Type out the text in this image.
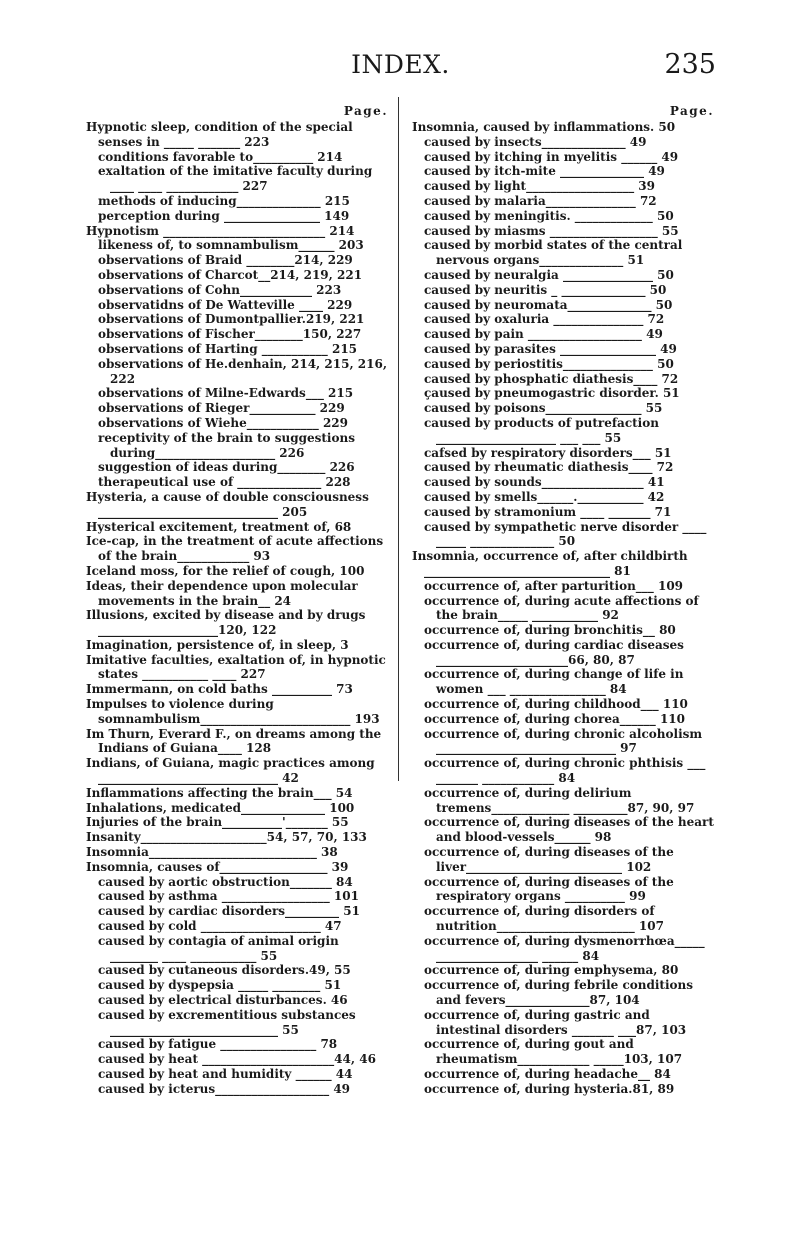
INDEX.	235
Page.
Hypnotic sleep, condition of the special senses in _____ _______ 223
conditions favorable to__________ 214
exaltation of the imitative faculty during ____ ____ ____________ 227
methods of inducing______________ 215
perception during ________________ 149
Hypnotism ___________________________ 214
likeness of, to somnambulism______ 203
observations of Braid ________214, 229
observations of Charcot__214, 219, 221
observations of Cohn____________ 223
observatidns of De Watteville ____ 229
observations of Dumontpallier.219, 221
observations of Fischer________150, 227
observations of Harting ___________ 215
observations of He.denhain, 214, 215, 216, 222
observations of Milne-Edwards___ 215
observations of Rieger___________ 229
observations of Wiehe____________ 229
receptivity of the brain to suggestions during____________________ 226
suggestion of ideas during________ 226
therapeutical use of ______________ 228
Hysteria, a cause of double consciousness ______________________________ 205
Hysterical excitement, treatment of, 68
Ice-cap, in the treatment of acute affections of the brain____________ 93
Iceland moss, for the relief of cough, 100
Ideas, their dependence upon molecular movements in the brain__ 24
Illusions, excited by disease and by drugs ____________________120, 122
Imagination, persistence of, in sleep, 3
Imitative faculties, exaltation of, in hypnotic states ___________ ____ 227
Immermann, on cold baths __________ 73
Impulses to violence during somnambulism_________________________ 193
Im Thurn, Everard F., on dreams among the Indians of Guiana____ 128
Indians, of Guiana, magic practices among ______________________________ 42
Inflammations affecting the brain___ 54
Inhalations, medicated______________ 100
Injuries of the brain__________'_______ 55
Insanity_____________________54, 57, 70, 133
Insomnia____________________________ 38
Insomnia, causes of__________________ 39
caused by aortic obstruction_______ 84
caused by asthma __________________ 101
caused by cardiac disorders_________ 51
caused by cold ____________________ 47
caused by contagia of animal origin ________ ____ ___________ 55
caused by cutaneous disorders.49, 55
caused by dyspepsia _____ ________ 51
caused by electrical disturbances. 46
caused by excrementitious substances ____________________________ 55
caused by fatigue ________________ 78
caused by heat ______________________44, 46
caused by heat and humidity ______ 44
caused by icterus___________________ 49
Page.
Insomnia, caused by inflammations. 50
caused by insects______________ 49
caused by itching in myelitis ______ 49
caused by itch-mite ______________ 49
caused by light__________________ 39
caused by malaria_______________ 72
caused by meningitis. _____________ 50
caused by miasms __________________ 55
caused by morbid states of the central nervous organs______________ 51
caused by neuralgia _______________ 50
caused by neuritis _ ______________ 50
caused by neuromata______________ 50
caused by oxaluria _______________ 72
caused by pain ___________________ 49
caused by parasites ________________ 49
caused by periostitis_______________ 50
caused by phosphatic diathesis____ 72
çaused by pneumogastric disorder. 51
caused by poisons________________ 55
caused by products of putrefaction ____________________ ___ ___ 55
cafsed by respiratory disorders___ 51
caused by rheumatic diathesis____ 72
caused by sounds_________________ 41
caused by smells______.___________ 42
caused by stramonium ____ _______ 71
caused by sympathetic nerve disorder ____ _____ ______________ 50
Insomnia, occurrence of, after childbirth _______________________________ 81
occurrence of, after parturition___ 109
occurrence of, during acute affections of the brain_____ ___________ 92
occurrence of, during bronchitis__ 80
occurrence of, during cardiac diseases ______________________66, 80, 87
occurrence of, during change of life in women ___ ________________ 84
occurrence of, during childhood___ 110
occurrence of, during chorea______ 110
occurrence of, during chronic alcoholism ______________________________ 97
occurrence of, during chronic phthisis ___ _______ ____________ 84
occurrence of, during delirium tremens_____________ _________87, 90, 97
occurrence of, during diseases of the heart and blood-vessels______ 98
occurrence of, during diseases of the liver__________________________ 102
occurrence of, during diseases of the respiratory organs __________ 99
occurrence of, during disorders of nutrition_______________________ 107
occurrence of, during dysmenorrhœa_____ _________________ ______ 84
occurrence of, during emphysema, 80
occurrence of, during febrile conditions and fevers______________87, 104
occurrence of, during gastric and intestinal disorders _______ ___87, 103
occurrence of, during gout and rheumatism____________ _____103, 107
occurrence of, during headache__ 84
occurrence of, during hysteria.81, 89
